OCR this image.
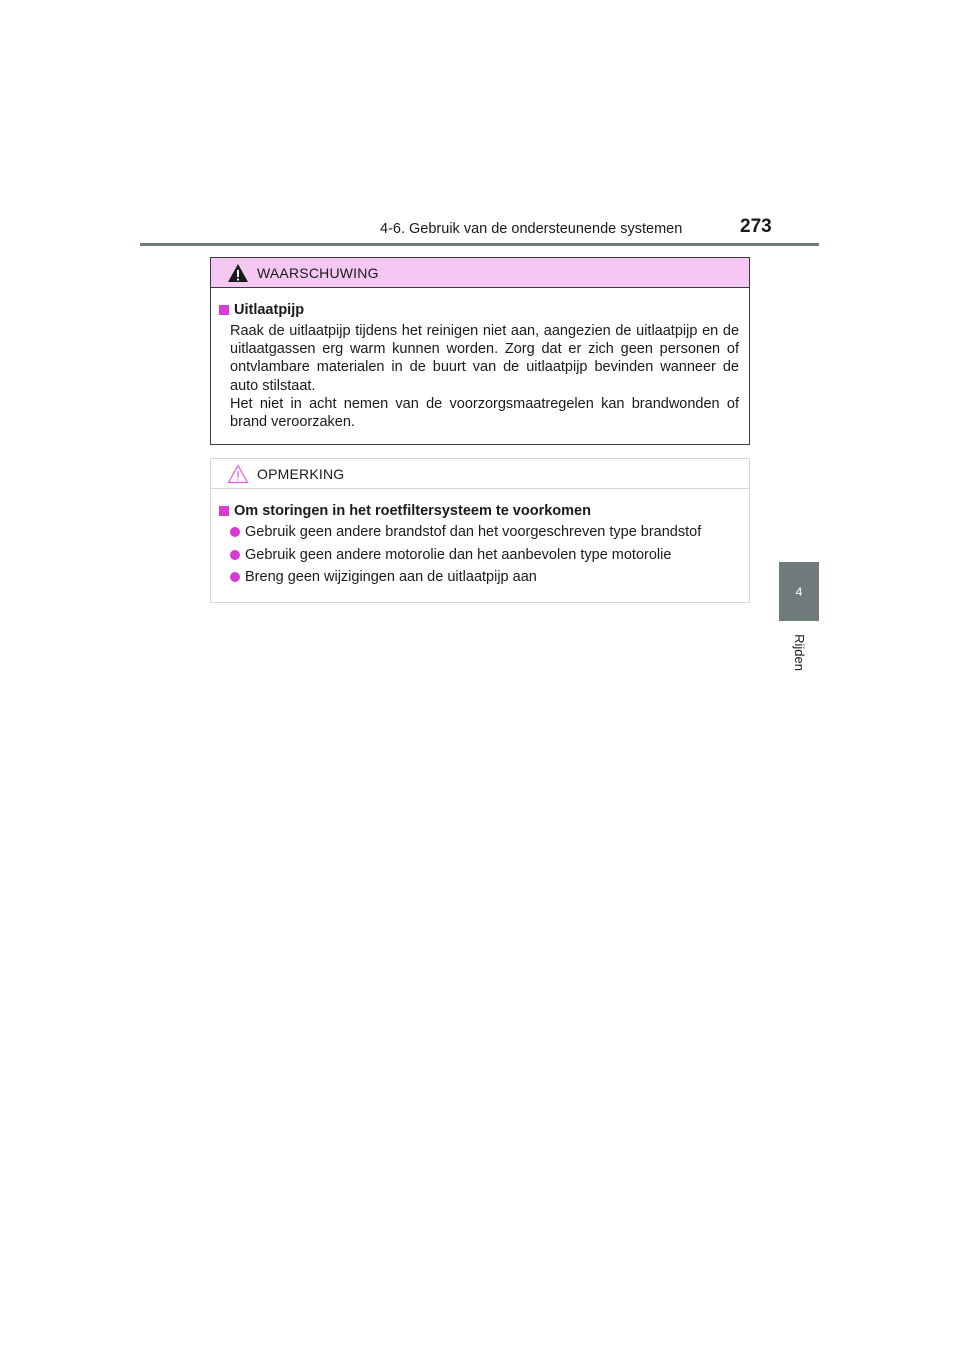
4-6. Gebruik van de ondersteunende systemen	273
4
Rijden
WAARSCHUWING
Uitlaatpijp

Raak de uitlaatpijp tijdens het reinigen niet aan, aangezien de uitlaatpijp en de uitlaatgassen erg warm kunnen worden. Zorg dat er zich geen personen of ontvlambare materialen in de buurt van de uitlaatpijp bevinden wanneer de auto stilstaat.
Het niet in acht nemen van de voorzorgsmaatregelen kan brandwonden of brand veroorzaken.

OPMERKING
Om storingen in het roetfiltersysteem te voorkomen
Gebruik geen andere brandstof dan het voorgeschreven type brandstof
Gebruik geen andere motorolie dan het aanbevolen type motorolie
Breng geen wijzigingen aan de uitlaatpijp aan
